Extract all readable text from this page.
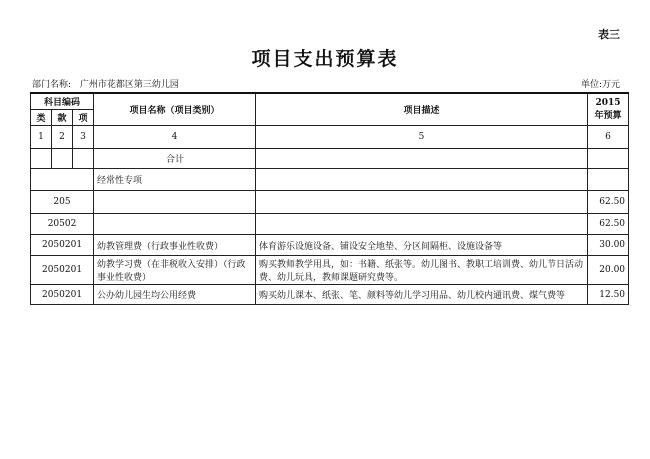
表三
项目支出预算表
部门名称: 广州市花都区第三幼儿园	单位:万元
科目编码			项目名称（项目类别）	项目描述	2015年预算
类	款	项			
1	2	3	4	5	6
			合计		
			经常性专项		
205					62.50
20502					62.50
2050201			幼教管理费（行政事业性收费）	体育游乐设施设备、铺设安全地垫、分区间隔柜、设施设备等	30.00
2050201			幼教学习费（在非税收入安排）（行政事业性收费）	购买教师教学用具，如：书籍、纸张等。幼儿图书、教职工培训费、幼儿节日活动费、幼儿玩具，教师课题研究费等。	20.00
2050201			公办幼儿园生均公用经费	购买幼儿课本、纸张、笔、颜料等幼儿学习用品、幼儿校内通讯费、煤气费等	12.50
